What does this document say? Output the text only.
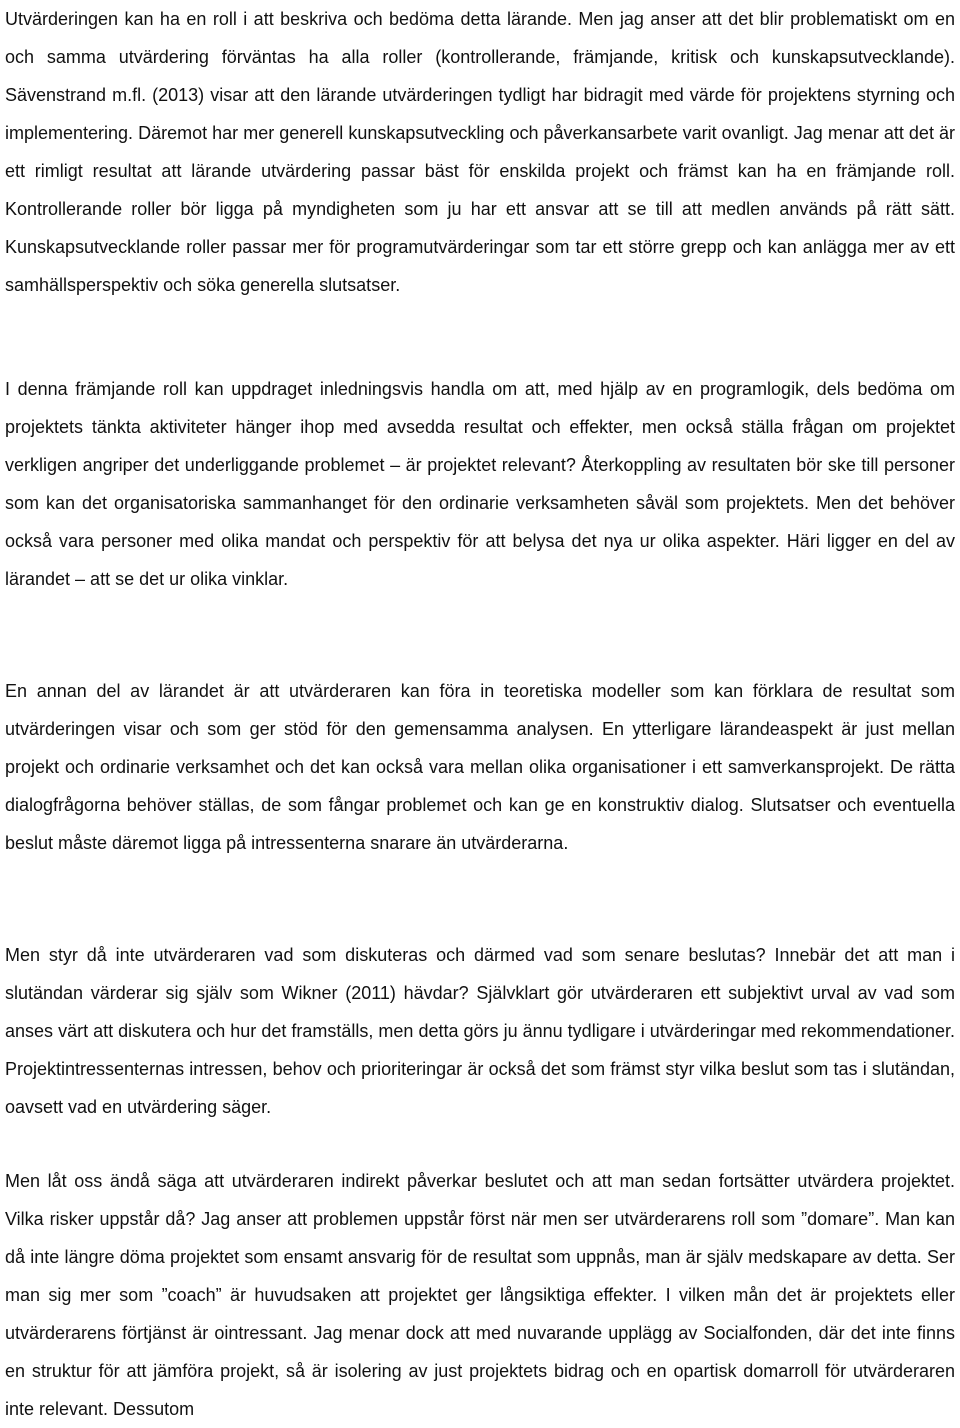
Utvärderingen kan ha en roll i att beskriva och bedöma detta lärande. Men jag anser att det blir problematiskt om en och samma utvärdering förväntas ha alla roller (kontrollerande, främjande, kritisk och kunskapsutvecklande). Sävenstrand m.fl. (2013) visar att den lärande utvärderingen tydligt har bidragit med värde för projektens styrning och implementering. Däremot har mer generell kunskapsutveckling och påverkansarbete varit ovanligt. Jag menar att det är ett rimligt resultat att lärande utvärdering passar bäst för enskilda projekt och främst kan ha en främjande roll. Kontrollerande roller bör ligga på myndigheten som ju har ett ansvar att se till att medlen används på rätt sätt. Kunskapsutvecklande roller passar mer för programutvärderingar som tar ett större grepp och kan anlägga mer av ett samhällsperspektiv och söka generella slutsatser.

I denna främjande roll kan uppdraget inledningsvis handla om att, med hjälp av en programlogik, dels bedöma om projektets tänkta aktiviteter hänger ihop med avsedda resultat och effekter, men också ställa frågan om projektet verkligen angriper det underliggande problemet – är projektet relevant? Återkoppling av resultaten bör ske till personer som kan det organisatoriska sammanhanget för den ordinarie verksamheten såväl som projektets. Men det behöver också vara personer med olika mandat och perspektiv för att belysa det nya ur olika aspekter. Häri ligger en del av lärandet – att se det ur olika vinklar.

En annan del av lärandet är att utvärderaren kan föra in teoretiska modeller som kan förklara de resultat som utvärderingen visar och som ger stöd för den gemensamma analysen. En ytterligare lärandeaspekt är just mellan projekt och ordinarie verksamhet och det kan också vara mellan olika organisationer i ett samverkansprojekt. De rätta dialogfrågorna behöver ställas, de som fångar problemet och kan ge en konstruktiv dialog. Slutsatser och eventuella beslut måste däremot ligga på intressenterna snarare än utvärderarna.

Men styr då inte utvärderaren vad som diskuteras och därmed vad som senare beslutas? Innebär det att man i slutändan värderar sig själv som Wikner (2011) hävdar? Självklart gör utvärderaren ett subjektivt urval av vad som anses värt att diskutera och hur det framställs, men detta görs ju ännu tydligare i utvärderingar med rekommendationer. Projektintressenternas intressen, behov och prioriteringar är också det som främst styr vilka beslut som tas i slutändan, oavsett vad en utvärdering säger.

Men låt oss ändå säga att utvärderaren indirekt påverkar beslutet och att man sedan fortsätter utvärdera projektet. Vilka risker uppstår då? Jag anser att problemen uppstår först när men ser utvärderarens roll som ”domare”. Man kan då inte längre döma projektet som ensamt ansvarig för de resultat som uppnås, man är själv medskapare av detta. Ser man sig mer som ”coach” är huvudsaken att projektet ger långsiktiga effekter. I vilken mån det är projektets eller utvärderarens förtjänst är ointressant. Jag menar dock att med nuvarande upplägg av Socialfonden, där det inte finns en struktur för att jämföra projekt, så är isolering av just projektets bidrag och en opartisk domarroll för utvärderaren inte relevant. Dessutom
